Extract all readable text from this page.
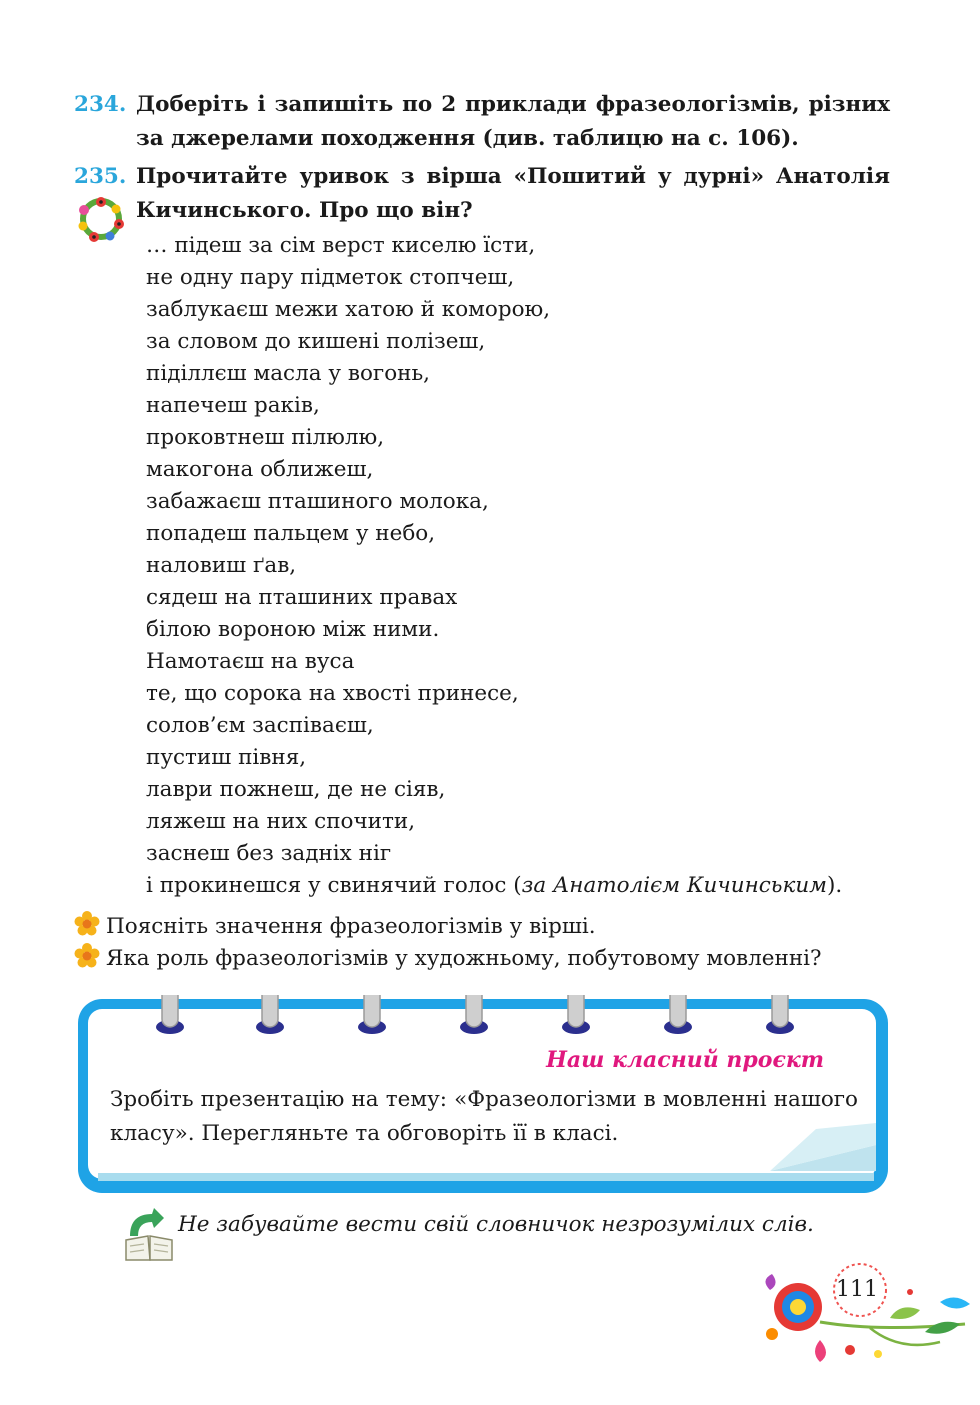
234. Доберіть і запишіть по 2 приклади фразеологізмів, різних за джерелами походження (див. таблицю на с. 106).
235. Прочитайте уривок з вірша «Пошитий у дурні» Анатолія Кичинського. Про що він?
… підеш за сім верст киселю їсти,
не одну пару підметок стопчеш,
заблукаєш межи хатою й коморою,
за словом до кишені полізеш,
піділлєш масла у вогонь,
напечеш раків,
проковтнеш пілюлю,
макогона оближеш,
забажаєш пташиного молока,
попадеш пальцем у небо,
наловиш ґав,
сядеш на пташиних правах
білою вороною між ними.
Намотаєш на вуса
те, що сорока на хвості принесе,
солов’єм заспіваєш,
пустиш півня,
лаври пожнеш, де не сіяв,
ляжеш на них спочити,
заснеш без задніх ніг
і прокинешся у свинячий голос (за Анатолієм Кичинським).
Поясніть значення фразеологізмів у вірші.
Яка роль фразеологізмів у художньому, побутовому мовленні?
Наш класний проєкт
Зробіть презентацію на тему: «Фразеологізми в мовленні нашого класу». Перегляньте та обговоріть її в класі.
Не забувайте вести свій словничок незрозумілих слів.
111
